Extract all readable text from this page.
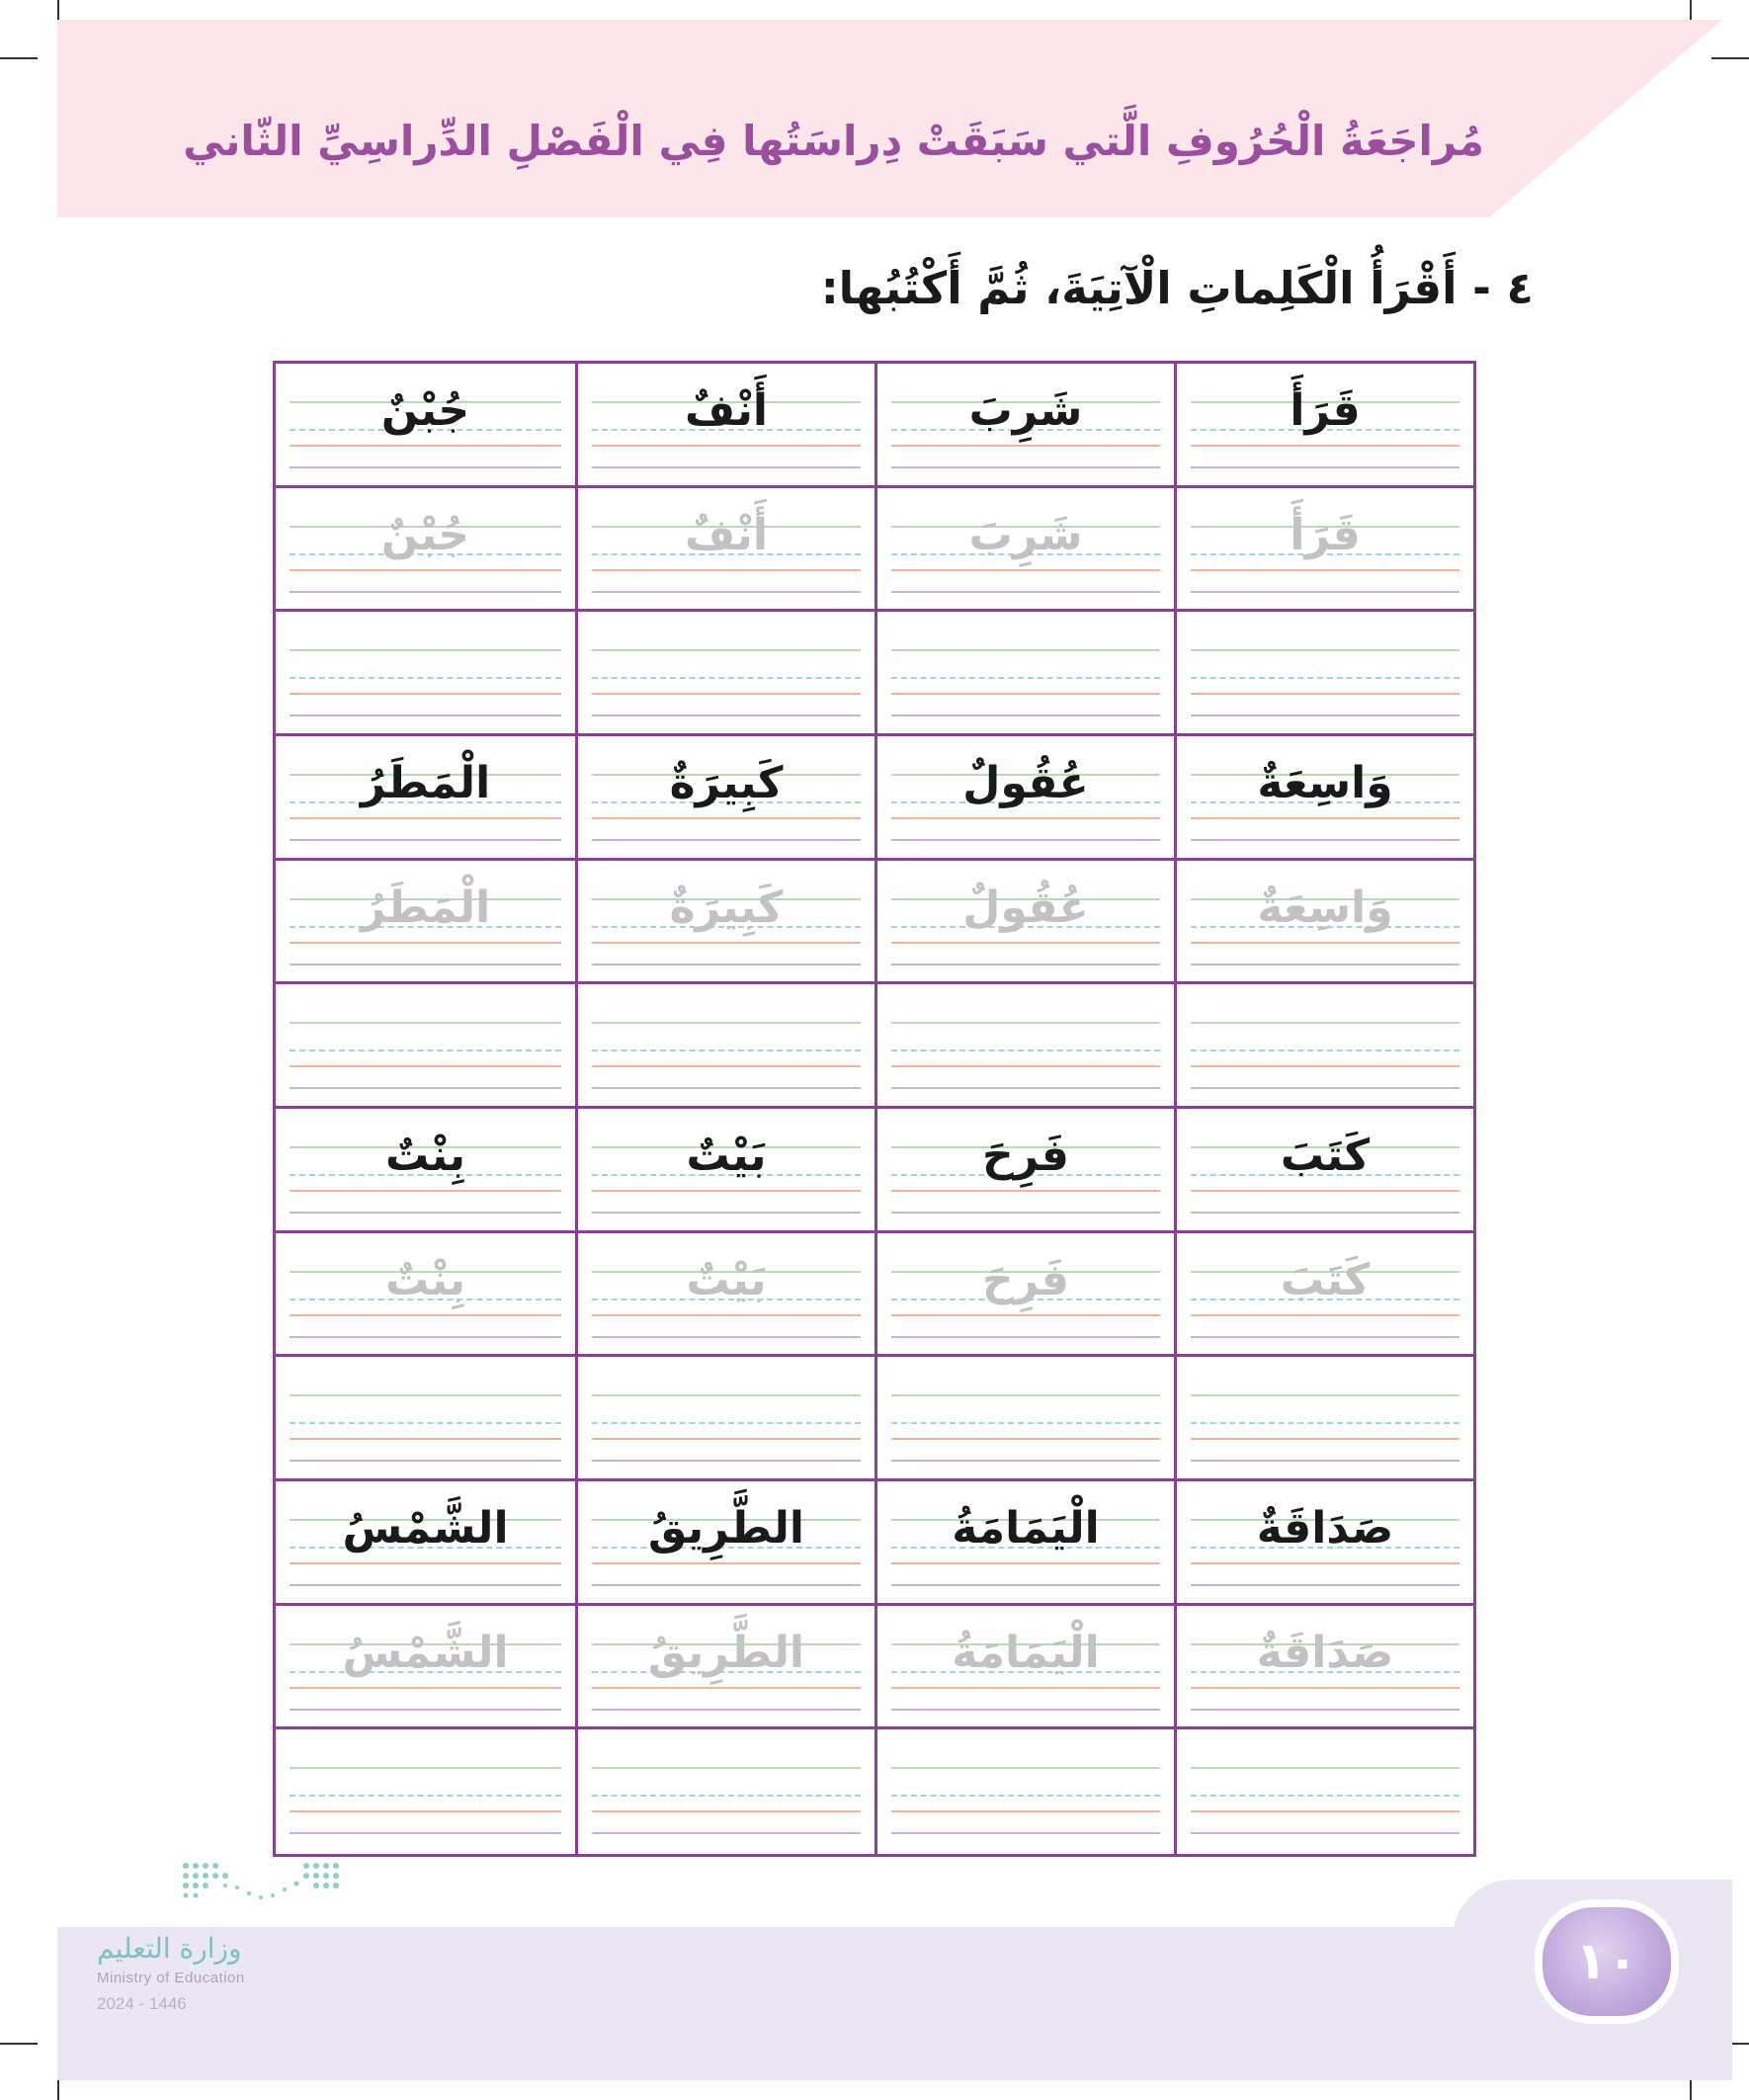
مُراجَعَةُ الْحُرُوفِ الَّتي سَبَقَتْ دِراسَتُها فِي الْفَصْلِ الدِّراسِيِّ الثّاني
٤ - أَقْرَأُ الْكَلِماتِ الْآتِيَةَ، ثُمَّ أَكْتُبُها:
قَرَأَ
شَرِبَ
أَنْفٌ
جُبْنٌ
قَرَأَ
شَرِبَ
أَنْفٌ
جُبْنٌ
وَاسِعَةٌ
عُقُولٌ
كَبِيرَةٌ
الْمَطَرُ
وَاسِعَةٌ
عُقُولٌ
كَبِيرَةٌ
الْمَطَرُ
كَتَبَ
فَرِحَ
بَيْتٌ
بِنْتٌ
كَتَبَ
فَرِحَ
بَيْتٌ
بِنْتٌ
صَدَاقَةٌ
الْيَمَامَةُ
الطَّرِيقُ
الشَّمْسُ
صَدَاقَةٌ
الْيَمَامَةُ
الطَّرِيقُ
الشَّمْسُ
١٠
وزارة التعليم
Ministry of Education
2024 - 1446
